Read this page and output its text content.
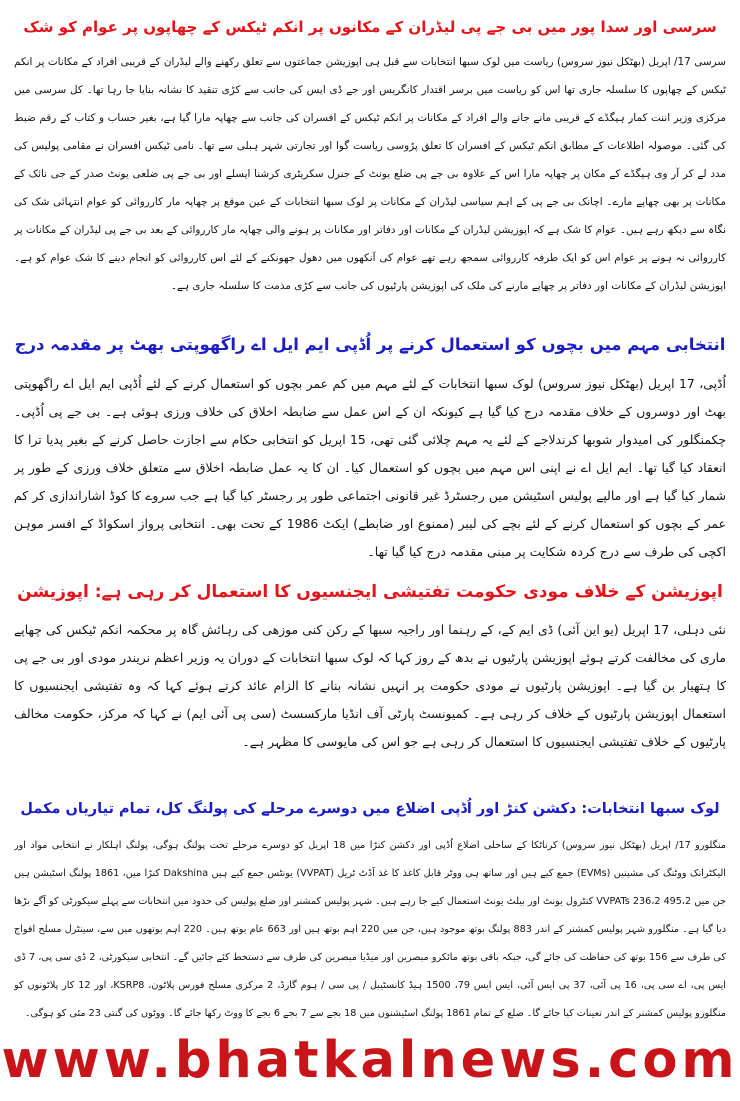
سرسی اور سدا پور میں بی جے پی لیڈران کے مکانوں پر انکم ٹیکس کے چھاپوں پر عوام کو شک

سرسی 17/ اپریل (بھٹکل نیوز سروس) ریاست میں لوک سبھا انتخابات سے قبل ہی اپوزیشن جماعتوں سے تعلق رکھنے والے لیڈران کے قریبی افراد کے مکانات پر انکم ٹیکس کے چھاپوں کا سلسلہ جاری تھا اس کو ریاست میں برسر اقتدار کانگریس اور جے ڈی ایس کی جانب سے کڑی تنقید کا نشانہ بنایا جا رہا تھا۔ کل سرسی میں مرکزی وزیر اننت کمار ہیگڈے کے قریبی مانے جانے والے افراد کے مکانات پر انکم ٹیکس کے افسران کی جانب سے چھاپہ مارا گیا ہے، بغیر حساب و کتاب کے رقم ضبط کی گئی۔ موصولہ اطلاعات کے مطابق انکم ٹیکس کے افسران کا تعلق پڑوسی ریاست گوا اور تجارتی شہر ہبلی سے تھا۔ نامی ٹیکس افسران نے مقامی پولیس کی مدد لے کر آر وی ہیگڈے کے مکان پر چھاپہ مارا اس کے علاوہ بی جے پی ضلع یونٹ کے جنرل سکریٹری کرشنا ایسلے اور بی جے پی ضلعی یونٹ صدر کے جی نائک کے مکانات پر بھی چھاپے مارے۔ اچانک بی جے پی کے اہم سیاسی لیڈران کے مکانات پر لوک سبھا انتخابات کے عین موقع پر چھاپہ مار کارروائی کو عوام انتہائی شک کی نگاہ سے دیکھ رہے ہیں۔ عوام کا شک ہے کہ اپوزیشن لیڈران کے مکانات اور دفاتر اور مکانات پر ہونے والی چھاپہ مار کارروائی کے بعد بی جے پی لیڈران کے مکانات پر کارروائی نہ ہونے پر عوام اس کو ایک طرفہ کارروائی سمجھ رہے تھے عوام کی آنکھوں میں دھول جھونکنے کے لئے اس کارروائی کو انجام دینے کا شک عوام کو ہے۔ اپوزیشن لیڈران کے مکانات اور دفاتر پر چھاپے مارنے کی ملک کی اپوزیشن پارٹیوں کی جانب سے کڑی مذمت کا سلسلہ جاری ہے۔

انتخابی مہم میں بچوں کو استعمال کرنے پر اُڈپی ایم ایل اے راگھوپتی بھٹ پر مقدمہ درج

اُڈپی، 17 اپریل (بھٹکل نیوز سروس) لوک سبھا انتخابات کے لئے مہم میں کم عمر بچوں کو استعمال کرنے کے لئے اُڈپی ایم ایل اے راگھوپتی بھٹ اور دوسروں کے خلاف مقدمہ درج کیا گیا ہے کیونکہ ان کے اس عمل سے ضابطہ اخلاق کی خلاف ورزی ہوئی ہے۔ بی جے پی اُڈپی۔ چکمنگلور کی امیدوار شوبھا کرندلاجے کے لئے یہ مہم چلائی گئی تھی، 15 اپریل کو انتخابی حکام سے اجازت حاصل کرنے کے بغیر پدیا ترا کا انعقاد کیا گیا تھا۔ ایم ایل اے نے اپنی اس مہم میں بچوں کو استعمال کیا۔ ان کا یہ عمل ضابطہ اخلاق سے متعلق خلاف ورزی کے طور پر شمار کیا گیا ہے اور مالپے پولیس اسٹیشن میں رجسٹرڈ غیر قانونی اجتماعی طور پر رجسٹر کیا گیا ہے جب سروے کا کوڈ اشاراندازی کر کم عمر کے بچوں کو استعمال کرنے کے لئے بچے کی لیبر (ممنوع اور ضابطے) ایکٹ 1986 کے تحت بھی۔ انتخابی پرواز اسکواڈ کے افسر موہن اکچی کی طرف سے درج کردہ شکایت پر مبنی مقدمہ درج کیا گیا تھا۔

اپوزیشن کے خلاف مودی حکومت تفتیشی ایجنسیوں کا استعمال کر رہی ہے: اپوزیشن

نئی دہلی، 17 اپریل (یو این آئی) ڈی ایم کے، کے رہنما اور راجیہ سبھا کے رکن کنی موزھی کی رہائش گاہ پر محکمہ انکم ٹیکس کی چھاپے ماری کی مخالفت کرتے ہوئے اپوزیشن پارٹیوں نے بدھ کے روز کہا کہ لوک سبھا انتخابات کے دوران یہ وزیر اعظم نریندر مودی اور بی جے پی کا ہتھیار بن گیا ہے۔ اپوزیشن پارٹیوں نے مودی حکومت پر انہیں نشانہ بنانے کا الزام عائد کرتے ہوئے کہا کہ وہ تفتیشی ایجنسیوں کا استعمال اپوزیشن پارٹیوں کے خلاف کر رہی ہے۔ کمیونسٹ پارٹی آف انڈیا مارکسسٹ (سی پی آئی ایم) نے کہا کہ مرکز، حکومت مخالف پارٹیوں کے خلاف تفتیشی ایجنسیوں کا استعمال کر رہی ہے جو اس کی مایوسی کا مظہر ہے۔

لوک سبھا انتخابات: دکشن کنڑ اور اُڈپی اضلاع میں دوسرے مرحلے کی پولنگ کل، تمام تیاریاں مکمل

منگلورو 17/ اپریل (بھٹکل نیوز سروس) کرناٹکا کے ساحلی اضلاع اُڈپی اور دکشن کنڑا میں 18 اپریل کو دوسرے مرحلے تحت پولنگ ہوگی، پولنگ اہلکار نے انتخابی مواد اور الیکٹرانک ووٹنگ کی مشینیں (EVMs) جمع کیے ہیں اور ساتھ ہی ووٹر قابل کاغذ کا غذ آڈٹ ٹریل (VVPAT) یونٹس جمع کیے ہیں Dakshina کنڑا میں، 1861 پولنگ اسٹیشن ہیں جن میں 495،2 VVPATs 236،2 کنٹرول یونٹ اور بیلٹ یونٹ استعمال کیے جا رہے ہیں۔ شہر پولیس کمشنر اور ضلع پولیس کی حدود میں انتخابات سے پہلے سیکورٹی کو آگے بڑھا دیا گیا ہے۔ منگلورو شہر پولیس کمشنر کے اندر 883 پولنگ بوتھ موجود ہیں، جن میں 220 اہم بوتھ ہیں اور 663 عام بوتھ ہیں۔ 220 اہم بوتھوں میں سے، سینٹرل مسلح افواج کی طرف سے 156 بوتھ کی حفاظت کی جائے گی، جبکہ باقی بوتھ مائکرو مبصرین اور میڈیا مبصرین کی طرف سے دستخط کئے جائیں گے۔ انتخابی سیکورٹی، 2 ڈی سی پی، 7 ڈی ایس پی، اے سی پی، 16 پی آئی، 37 پی ایس آئی، ایس ایس 79، 1500 ہیڈ کانسٹیبل / پی سی / ہوم گارڈ، 2 مرکزی مسلح فورس پلاٹون، KSRP8، اور 12 کار پلاٹونوں کو منگلورو پولیس کمشنر کے اندر تعینات کیا جائے گا۔ ضلع کے تمام 1861 پولنگ اسٹیشنوں میں 18 بجے سے 7 بجے 6 بجے کا ووٹ رکھا جائے گا۔ ووٹوں کی گنتی 23 مئی کو ہوگی۔

www.bhatkalnews.com
